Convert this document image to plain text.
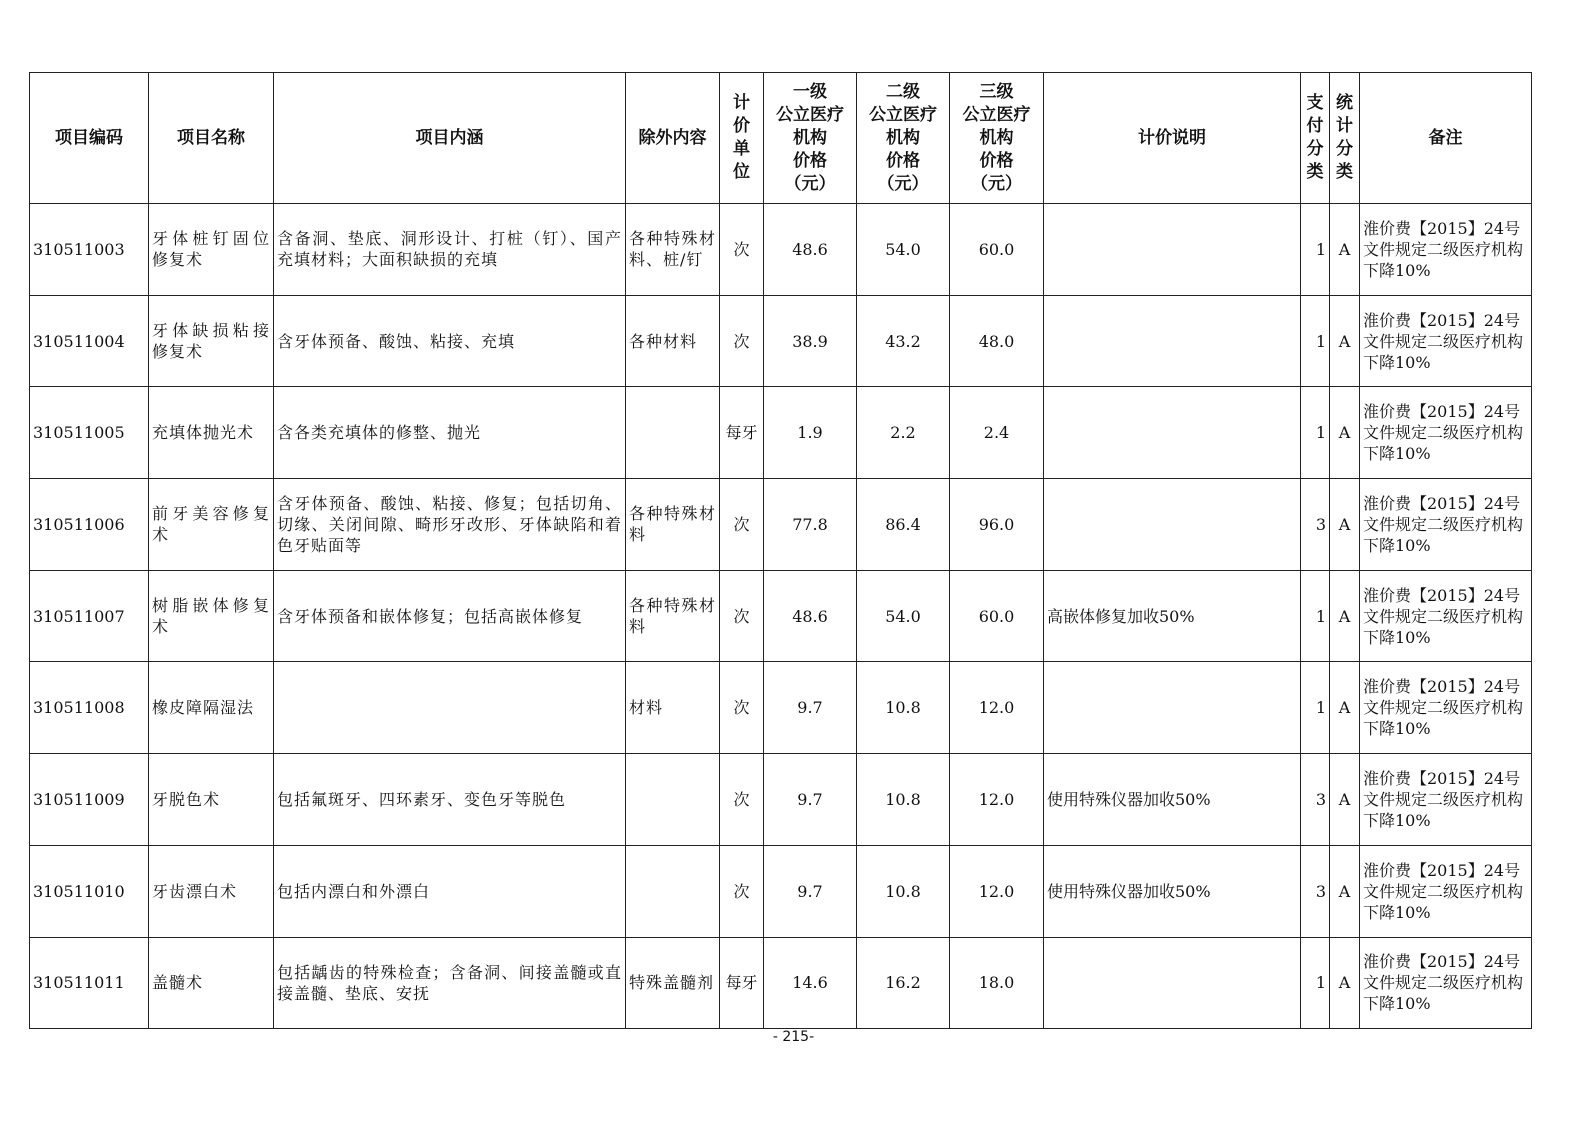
项目编码	项目名称	项目内涵	除外内容	计
价
单
位	一级
公立医疗
机构
价格
（元）	二级
公立医疗
机构
价格
（元）	三级
公立医疗
机构
价格
（元）	计价说明	支
付
分
类	统
计
分
类	备注
310511003	牙体桩钉固位修复术	含备洞、垫底、洞形设计、打桩（钉）、国产充填材料；大面积缺损的充填	各种特殊材料、桩/钉	次	48.6	54.0	60.0		1	A	淮价费【2015】24号文件规定二级医疗机构下降10%
310511004	牙体缺损粘接修复术	含牙体预备、酸蚀、粘接、充填	各种材料	次	38.9	43.2	48.0		1	A	淮价费【2015】24号文件规定二级医疗机构下降10%
310511005	充填体抛光术	含各类充填体的修整、抛光		每牙	1.9	2.2	2.4		1	A	淮价费【2015】24号文件规定二级医疗机构下降10%
310511006	前牙美容修复术	含牙体预备、酸蚀、粘接、修复；包括切角、切缘、关闭间隙、畸形牙改形、牙体缺陷和着色牙贴面等	各种特殊材料	次	77.8	86.4	96.0		3	A	淮价费【2015】24号文件规定二级医疗机构下降10%
310511007	树脂嵌体修复术	含牙体预备和嵌体修复；包括高嵌体修复	各种特殊材料	次	48.6	54.0	60.0	高嵌体修复加收50%	1	A	淮价费【2015】24号文件规定二级医疗机构下降10%
310511008	橡皮障隔湿法		材料	次	9.7	10.8	12.0		1	A	淮价费【2015】24号文件规定二级医疗机构下降10%
310511009	牙脱色术	包括氟斑牙、四环素牙、变色牙等脱色		次	9.7	10.8	12.0	使用特殊仪器加收50%	3	A	淮价费【2015】24号文件规定二级医疗机构下降10%
310511010	牙齿漂白术	包括内漂白和外漂白		次	9.7	10.8	12.0	使用特殊仪器加收50%	3	A	淮价费【2015】24号文件规定二级医疗机构下降10%
310511011	盖髓术	包括龋齿的特殊检查；含备洞、间接盖髓或直接盖髓、垫底、安抚	特殊盖髓剂	每牙	14.6	16.2	18.0		1	A	淮价费【2015】24号文件规定二级医疗机构下降10%
- 215-
